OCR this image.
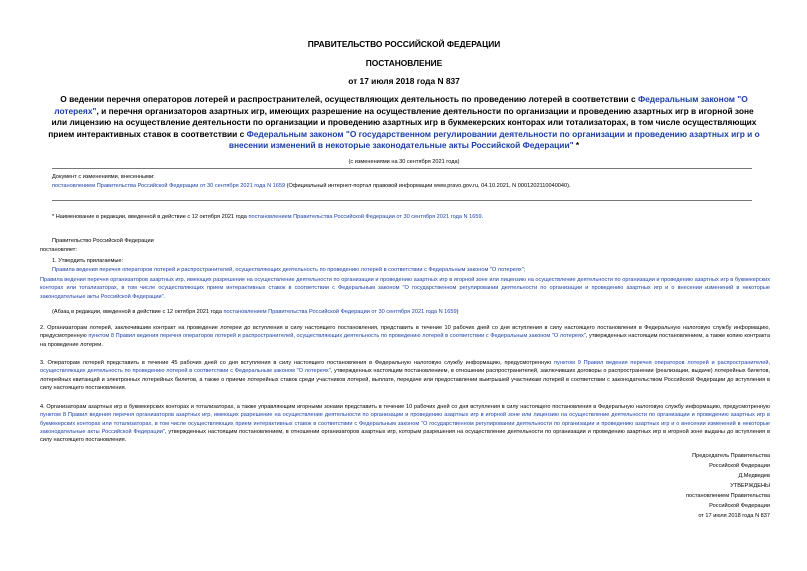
ПРАВИТЕЛЬСТВО РОССИЙСКОЙ ФЕДЕРАЦИИ
ПОСТАНОВЛЕНИЕ
от 17 июля 2018 года N 837
О ведении перечня операторов лотерей и распространителей, осуществляющих деятельность по проведению лотерей в соответствии с Федеральным законом "О лотереях", и перечня организаторов азартных игр, имеющих разрешение на осуществление деятельности по организации и проведению азартных игр в игорной зоне или лицензию на осуществление деятельности по организации и проведению азартных игр в букмекерских конторах или тотализаторах, в том числе осуществляющих прием интерактивных ставок в соответствии с Федеральным законом "О государственном регулировании деятельности по организации и проведению азартных игр и о внесении изменений в некоторые законодательные акты Российской Федерации" *
(с изменениями на 30 сентября 2021 года)
Документ с изменениями, внесенными:
постановлением Правительства Российской Федерации от 30 сентября 2021 года N 1659 (Официальный интернет-портал правовой информации www.pravo.gov.ru, 04.10.2021, N 0001202110040040).
* Наименование в редакции, введенной в действие с 12 октября 2021 года постановлением Правительства Российской Федерации от 30 сентября 2021 года N 1659.
Правительство Российской Федерации
постановляет:
1. Утвердить прилагаемые:
Правила ведения перечня операторов лотерей и распространителей, осуществляющих деятельность по проведению лотерей в соответствии с Федеральным законом "О лотереях";
Правила ведения перечня организаторов азартных игр, имеющих разрешение на осуществление деятельности по организации и проведению азартных игр в игорной зоне или лицензию на осуществление деятельности по организации и проведению азартных игр в букмекерских конторах или тотализаторах, в том числе осуществляющих прием интерактивных ставок в соответствии с Федеральным законом "О государственном регулировании деятельности по организации и проведению азартных игр и о внесении изменений в некоторые законодательные акты Российской Федерации".
(Абзац в редакции, введенной в действие с 12 октября 2021 года постановлением Правительства Российской Федерации от 30 сентября 2021 года N 1659)
2. Организаторам лотерей, заключившим контракт на проведение лотереи до вступления в силу настоящего постановления, представить в течение 10 рабочих дней со дня вступления в силу настоящего постановления в Федеральную налоговую службу информацию, предусмотренную пунктом 8 Правил ведения перечня операторов лотерей и распространителей, осуществляющих деятельность по проведению лотерей в соответствии с Федеральным законом "О лотереях", утвержденных настоящим постановлением, а также копию контракта на проведение лотереи.
3. Операторам лотерей представить в течение 45 рабочих дней со дня вступления в силу настоящего постановления в Федеральную налоговую службу информацию, предусмотренную пунктом 9 Правил ведения перечня операторов лотерей и распространителей, осуществляющих деятельность по проведению лотерей в соответствии с Федеральным законом "О лотереях", утвержденных настоящим постановлением, в отношении распространителей, заключивших договоры о распространении (реализации, выдаче) лотерейных билетов, лотерейных квитанций и электронных лотерейных билетов, а также о приеме лотерейных ставок среди участников лотерей, выплате, передаче или предоставлении выигрышей участникам лотерей в соответствии с законодательством Российской Федерации до вступления в силу настоящего постановления.
4. Организаторам азартных игр в букмекерских конторах и тотализаторах, а также управляющим игорными зонами представить в течение 10 рабочих дней со дня вступления в силу настоящего постановления в Федеральную налоговую службу информацию, предусмотренную пунктом 8 Правил ведения перечня организаторов азартных игр, имеющих разрешение на осуществление деятельности по организации и проведению азартных игр в игорной зоне или лицензию на осуществление деятельности по организации и проведению азартных игр в букмекерских конторах или тотализаторах, в том числе осуществляющих прием интерактивных ставок в соответствии с Федеральным законом "О государственном регулировании деятельности по организации и проведению азартных игр и о внесении изменений в некоторые законодательные акты Российской Федерации", утвержденных настоящим постановлением, в отношении организаторов азартных игр, которым разрешения на осуществление деятельности по организации и проведению азартных игр в игорной зоне выданы до вступления в силу настоящего постановления.
Председатель Правительства
Российской Федерации
Д.Медведев
УТВЕРЖДЕНЫ
постановлением Правительства
Российской Федерации
от 17 июля 2018 года N 837
